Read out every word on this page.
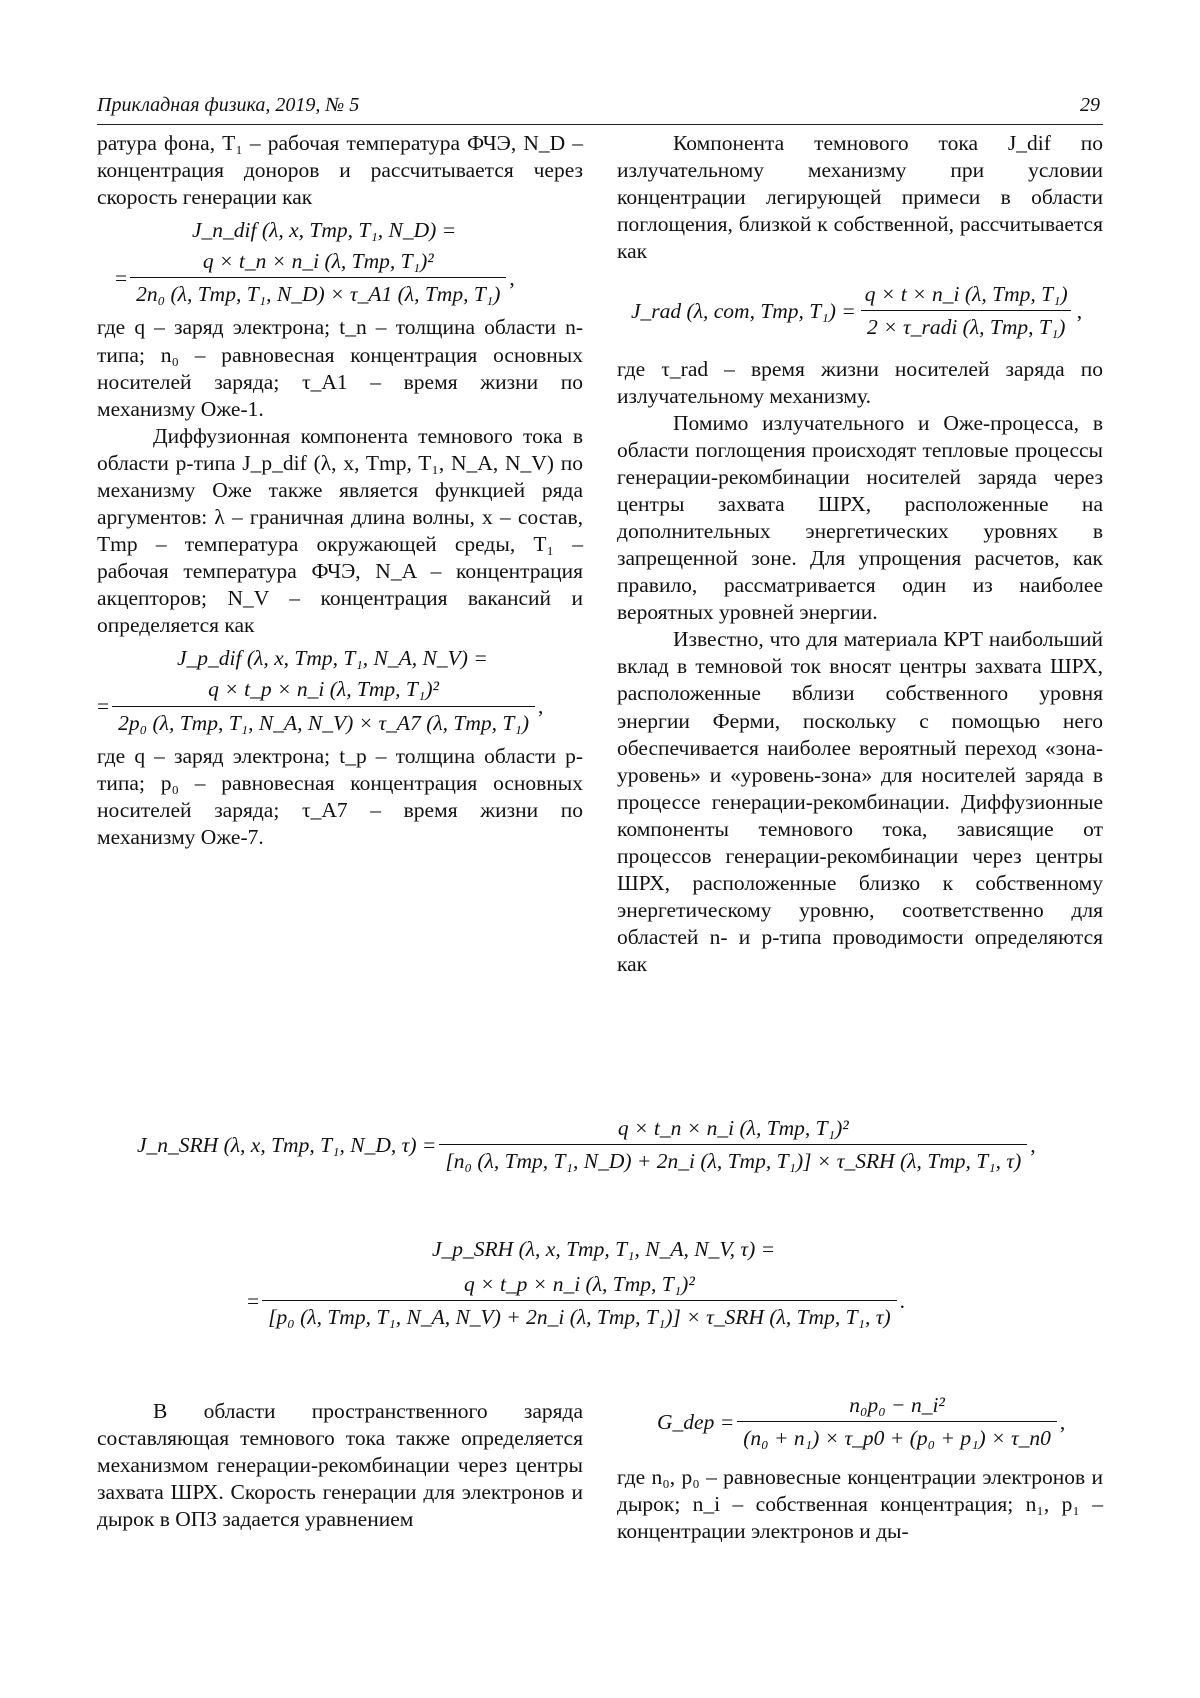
Прикладная физика, 2019, № 5	29

ратура фона, T₁ – рабочая температура ФЧЭ, N_D – концентрация доноров и рассчитывается через скорость генерации как

J_n_dif (λ, x, Tmp, T₁, N_D) =
=
q × t_n × n_i (λ, Tmp, T₁)²
2n₀ (λ, Tmp, T₁, N_D) × τ_A1 (λ, Tmp, T₁)
,

где q – заряд электрона; t_n – толщина области n-типа; n₀ – равновесная концентрация основных носителей заряда; τ_A1 – время жизни по механизму Оже-1.

Диффузионная компонента темнового тока в области p-типа J_p_dif (λ, x, Tmp, T₁, N_A, N_V) по механизму Оже также является функцией ряда аргументов: λ – граничная длина волны, x – состав, Tmp – температура окружающей среды, T₁ – рабочая температура ФЧЭ, N_A – концентрация акцепторов; N_V – концентрация вакансий и определяется как

J_p_dif (λ, x, Tmp, T₁, N_A, N_V) =
=
q × t_p × n_i (λ, Tmp, T₁)²
2p₀ (λ, Tmp, T₁, N_A, N_V) × τ_A7 (λ, Tmp, T₁)
,

где q – заряд электрона; t_p – толщина области p-типа; p₀ – равновесная концентрация основных носителей заряда; τ_A7 – время жизни по механизму Оже-7.

Компонента темнового тока J_dif по излучательному механизму при условии концентрации легирующей примеси в области поглощения, близкой к собственной, рассчитывается как

J_rad (λ, com, Tmp, T₁) =
q × t × n_i (λ, Tmp, T₁)
2 × τ_radi (λ, Tmp, T₁)
,

где τ_rad – время жизни носителей заряда по излучательному механизму.

Помимо излучательного и Оже-процесса, в области поглощения происходят тепловые процессы генерации-рекомбинации носителей заряда через центры захвата ШРХ, расположенные на дополнительных энергетических уровнях в запрещенной зоне. Для упрощения расчетов, как правило, рассматривается один из наиболее вероятных уровней энергии.

Известно, что для материала КРТ наибольший вклад в темновой ток вносят центры захвата ШРХ, расположенные вблизи собственного уровня энергии Ферми, поскольку с помощью него обеспечивается наиболее вероятный переход «зона-уровень» и «уровень-зона» для носителей заряда в процессе генерации-рекомбинации. Диффузионные компоненты темнового тока, зависящие от процессов генерации-рекомбинации через центры ШРХ, расположенные близко к собственному энергетическому уровню, соответственно для областей n- и p-типа проводимости определяются как

J_n_SRH (λ, x, Tmp, T₁, N_D, τ) =
q × t_n × n_i (λ, Tmp, T₁)²
[n₀ (λ, Tmp, T₁, N_D) + 2n_i (λ, Tmp, T₁)] × τ_SRH (λ, Tmp, T₁, τ)
,
J_p_SRH (λ, x, Tmp, T₁, N_A, N_V, τ) =
=
q × t_p × n_i (λ, Tmp, T₁)²
[p₀ (λ, Tmp, T₁, N_A, N_V) + 2n_i (λ, Tmp, T₁)] × τ_SRH (λ, Tmp, T₁, τ)
.

В области пространственного заряда составляющая темнового тока также определяется механизмом генерации-рекомбинации через центры захвата ШРХ. Скорость генерации для электронов и дырок в ОПЗ задается уравнением

G_dep =
n₀p₀ − n_i²
(n₀ + n₁) × τ_p0 + (p₀ + p₁) × τ_n0
,

где n₀, p₀ – равновесные концентрации электронов и дырок; n_i – собственная концентрация; n₁, p₁ – концентрации электронов и ды-
